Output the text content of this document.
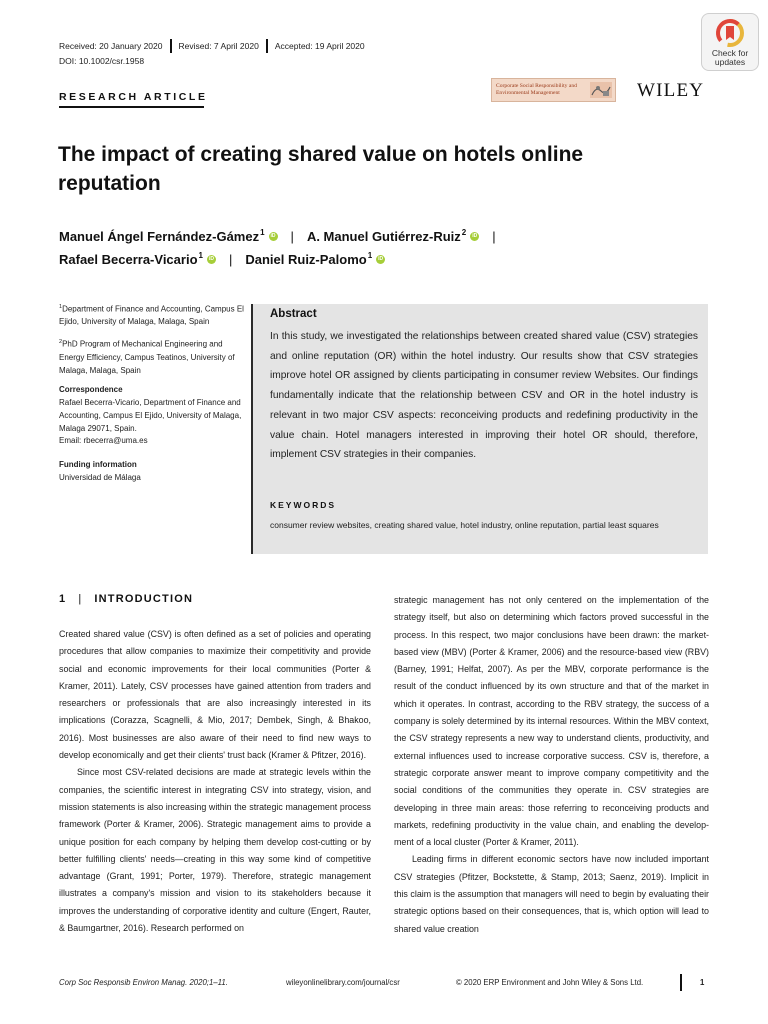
Received: 20 January 2020 Revised: 7 April 2020 Accepted: 19 April 2020
DOI: 10.1002/csr.1958
Check for
updates
RESEARCH ARTICLE
Corporate Social Responsibility and
Environmental Management	WILEY
The impact of creating shared value on hotels online reputation
Manuel Ángel Fernández-Gámez$^1$	iD | A. Manuel Gutiérrez-Ruiz$^2$	iD |
Rafael Becerra-Vicario$^1$	iD | Daniel Ruiz-Palomo$^1$	iD

$^1$Department of Finance and Accounting, Campus El Ejido, University of Malaga, Malaga, Spain

$^2$PhD Program of Mechanical Engineering and Energy Efficiency, Campus Teatinos, University of Malaga, Malaga, Spain

Correspondence

Rafael Becerra-Vicario, Department of Finance and Accounting, Campus El Ejido, University of Malaga, Malaga 29071, Spain.

Email: rbecerra@uma.es

Funding information

Universidad de Málaga

Abstract
In this study, we investigated the relationships between created shared value (CSV) strategies and online reputation (OR) within the hotel industry. Our results show that CSV strategies improve hotel OR assigned by clients participating in consumer review Websites. Our findings fundamentally indicate that the relationship between CSV and OR in the hotel industry is relevant in two major CSV aspects: reconceiving products and redefining productivity in the value chain. Hotel managers interested in improving their hotel OR should, therefore, implement CSV strategies in their companies.
KEYWORDS
consumer review websites, creating shared value, hotel industry, online reputation, partial least squares
1 | INTRODUCTION

Created shared value (CSV) is often defined as a set of policies and operating procedures that allow companies to maximize their competitivity and provide social and economic improvements for their local communities (Porter & Kramer, 2011). Lately, CSV processes have gained attention from traders and researchers or professionals that are also increasingly interested in its implications (Corazza, Scagnelli, & Mio, 2017; Dembek, Singh, & Bhakoo, 2016). Most businesses are also aware of their need to find new ways to develop economically and get their clients' trust back (Kramer & Pfitzer, 2016).

Since most CSV-related decisions are made at strategic levels within the companies, the scientific interest in integrating CSV into strategy, vision, and mission statements is also increasing within the strategic management process framework (Porter & Kramer, 2006). Strategic management aims to provide a unique position for each company by helping them develop cost-cutting or by better fulfilling clients' needs—creating in this way some kind of competitive advantage (Grant, 1991; Porter, 1979). Therefore, strategic management illustrates a company's mission and vision to its stakeholders because it improves the understanding of corporative identity and culture (Engert, Rauter, & Baumgartner, 2016). Research performed on

strategic management has not only centered on the implementation of the strategy itself, but also on determining which factors proved successful in the process. In this respect, two major conclusions have been drawn: the market-based view (MBV) (Porter & Kramer, 2006) and the resource-based view (RBV) (Barney, 1991; Helfat, 2007). As per the MBV, corporate performance is the result of the conduct influenced by its own structure and that of the market in which it operates. In contrast, according to the RBV strategy, the success of a company is solely determined by its internal resources. Within the MBV context, the CSV strategy represents a new way to understand clients, productivity, and external influences used to increase corporative success. CSV is, therefore, a strategic corporate answer meant to improve company competitivity and the social conditions of the communities they operate in. CSV strategies are developing in three main areas: those referring to reconceiving products and markets, redefining productivity in the value chain, and enabling the development of a local cluster (Porter & Kramer, 2011).

Leading firms in different economic sectors have now included important CSV strategies (Pfitzer, Bockstette, & Stamp, 2013; Saenz, 2019). Implicit in this claim is the assumption that managers will need to begin by evaluating their strategic options based on their consequences, that is, which option will lead to shared value creation

Corp Soc Responsib Environ Manag. 2020;1–11.	wileyonlinelibrary.com/journal/csr	© 2020 ERP Environment and John Wiley & Sons Ltd.	1
